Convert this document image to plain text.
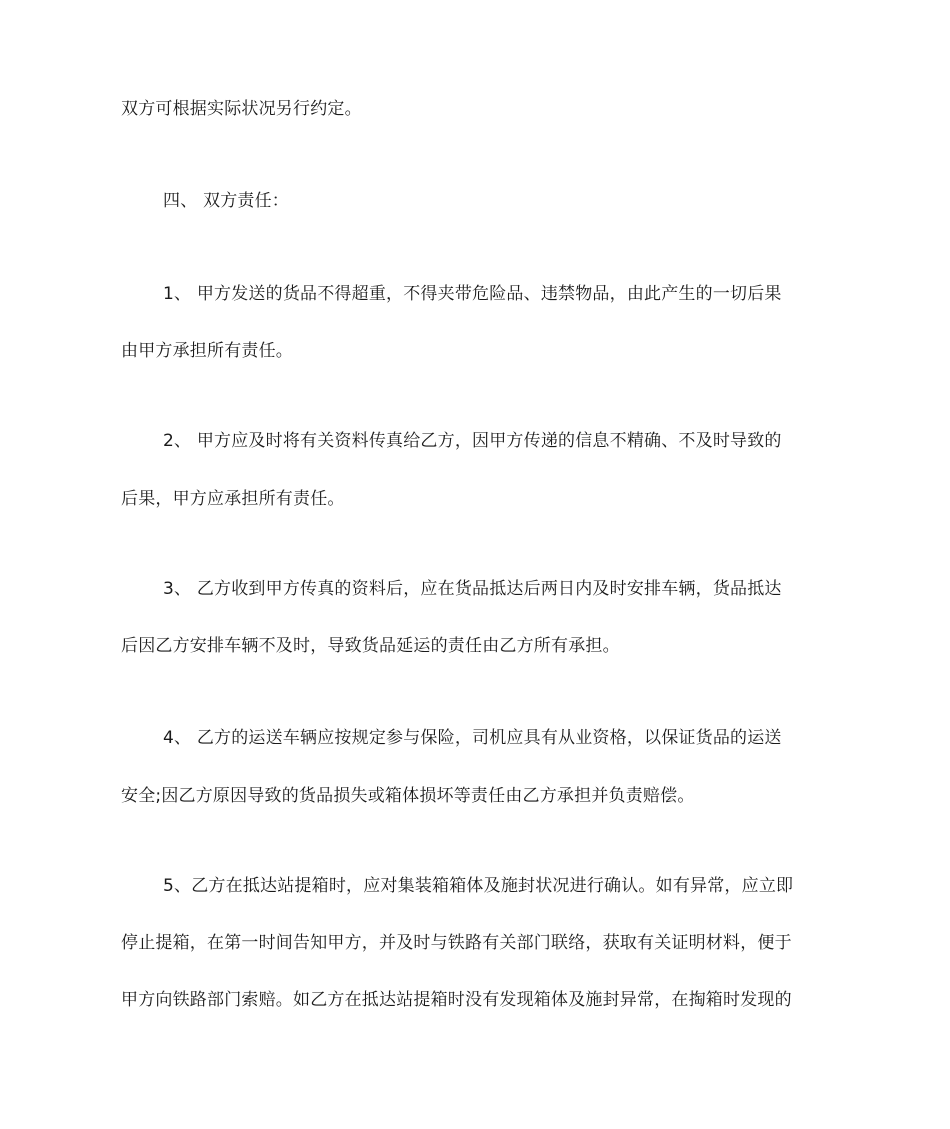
双方可根据实际状况另行约定。
四、 双方责任：
1、 甲方发送的货品不得超重，不得夹带危险品、违禁物品，由此产生的一切后果
由甲方承担所有责任。
2、 甲方应及时将有关资料传真给乙方，因甲方传递的信息不精确、不及时导致的
后果，甲方应承担所有责任。
3、 乙方收到甲方传真的资料后，应在货品抵达后两日内及时安排车辆，货品抵达
后因乙方安排车辆不及时，导致货品延运的责任由乙方所有承担。
4、 乙方的运送车辆应按规定参与保险，司机应具有从业资格，以保证货品的运送
安全;因乙方原因导致的货品损失或箱体损坏等责任由乙方承担并负责赔偿。
5、乙方在抵达站提箱时，应对集装箱箱体及施封状况进行确认。如有异常，应立即
停止提箱，在第一时间告知甲方，并及时与铁路有关部门联络，获取有关证明材料，便于
甲方向铁路部门索赔。如乙方在抵达站提箱时没有发现箱体及施封异常，在掏箱时发现的
